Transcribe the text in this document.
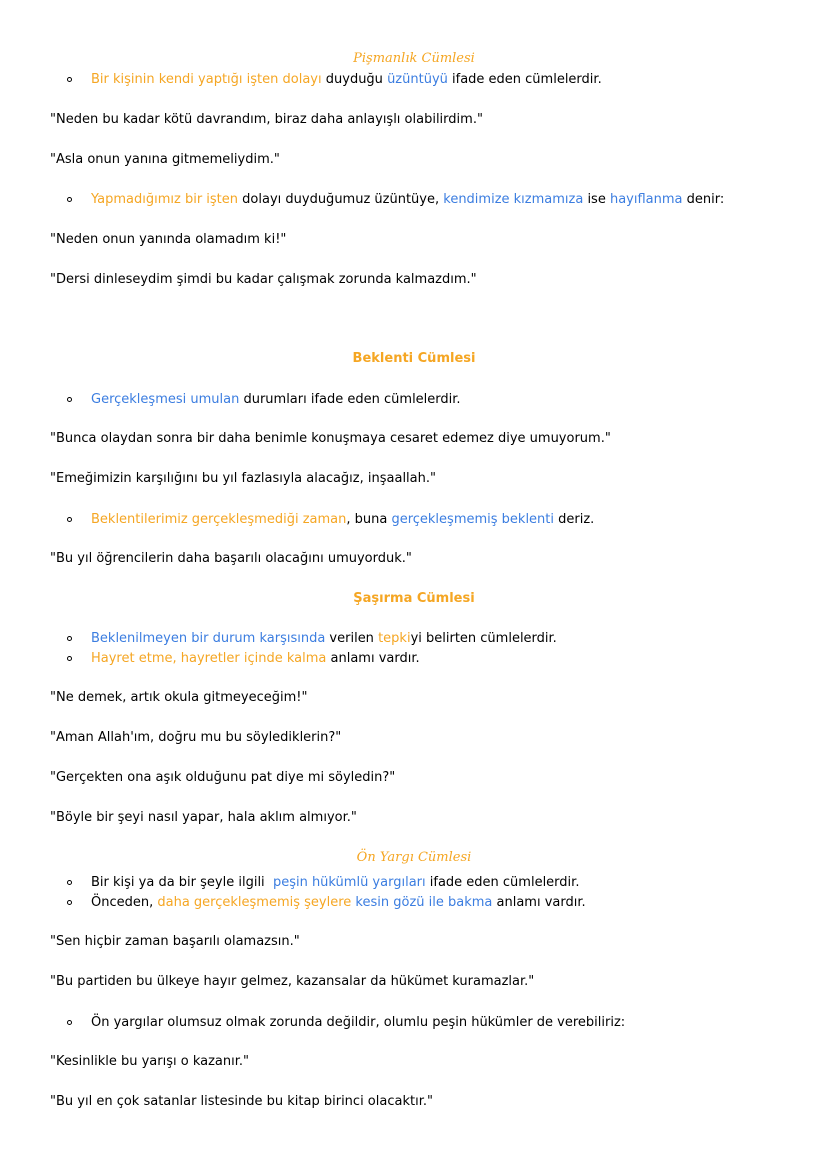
Pişmanlık Cümlesi
Bir kişinin kendi yaptığı işten dolayı duyduğu üzüntüyü ifade eden cümlelerdir.
"Neden bu kadar kötü davrandım, biraz daha anlayışlı olabilirdim."
"Asla onun yanına gitmemeliydim."
Yapmadığımız bir işten dolayı duyduğumuz üzüntüye, kendimize kızmamıza ise hayıflanma denir:
"Neden onun yanında olamadım ki!"
"Dersi dinleseydim şimdi bu kadar çalışmak zorunda kalmazdım."
Beklenti Cümlesi
Gerçekleşmesi umulan durumları ifade eden cümlelerdir.
"Bunca olaydan sonra bir daha benimle konuşmaya cesaret edemez diye umuyorum."
"Emeğimizin karşılığını bu yıl fazlasıyla alacağız, inşaallah."
Beklentilerimiz gerçekleşmediği zaman, buna gerçekleşmemiş beklenti deriz.
"Bu yıl öğrencilerin daha başarılı olacağını umuyorduk."
Şaşırma Cümlesi
Beklenilmeyen bir durum karşısında verilen tepkiyi belirten cümlelerdir.
Hayret etme, hayretler içinde kalma anlamı vardır.
"Ne demek, artık okula gitmeyeceğim!"
"Aman Allah'ım, doğru mu bu söylediklerin?"
"Gerçekten ona aşık olduğunu pat diye mi söyledin?"
"Böyle bir şeyi nasıl yapar, hala aklım almıyor."
Ön Yargı Cümlesi
Bir kişi ya da bir şeyle ilgili  peşin hükümlü yargıları ifade eden cümlelerdir.
Önceden, daha gerçekleşmemiş şeylere kesin gözü ile bakma anlamı vardır.
"Sen hiçbir zaman başarılı olamazsın."
"Bu partiden bu ülkeye hayır gelmez, kazansalar da hükümet kuramazlar."
Ön yargılar olumsuz olmak zorunda değildir, olumlu peşin hükümler de verebiliriz:
"Kesinlikle bu yarışı o kazanır."
"Bu yıl en çok satanlar listesinde bu kitap birinci olacaktır."
